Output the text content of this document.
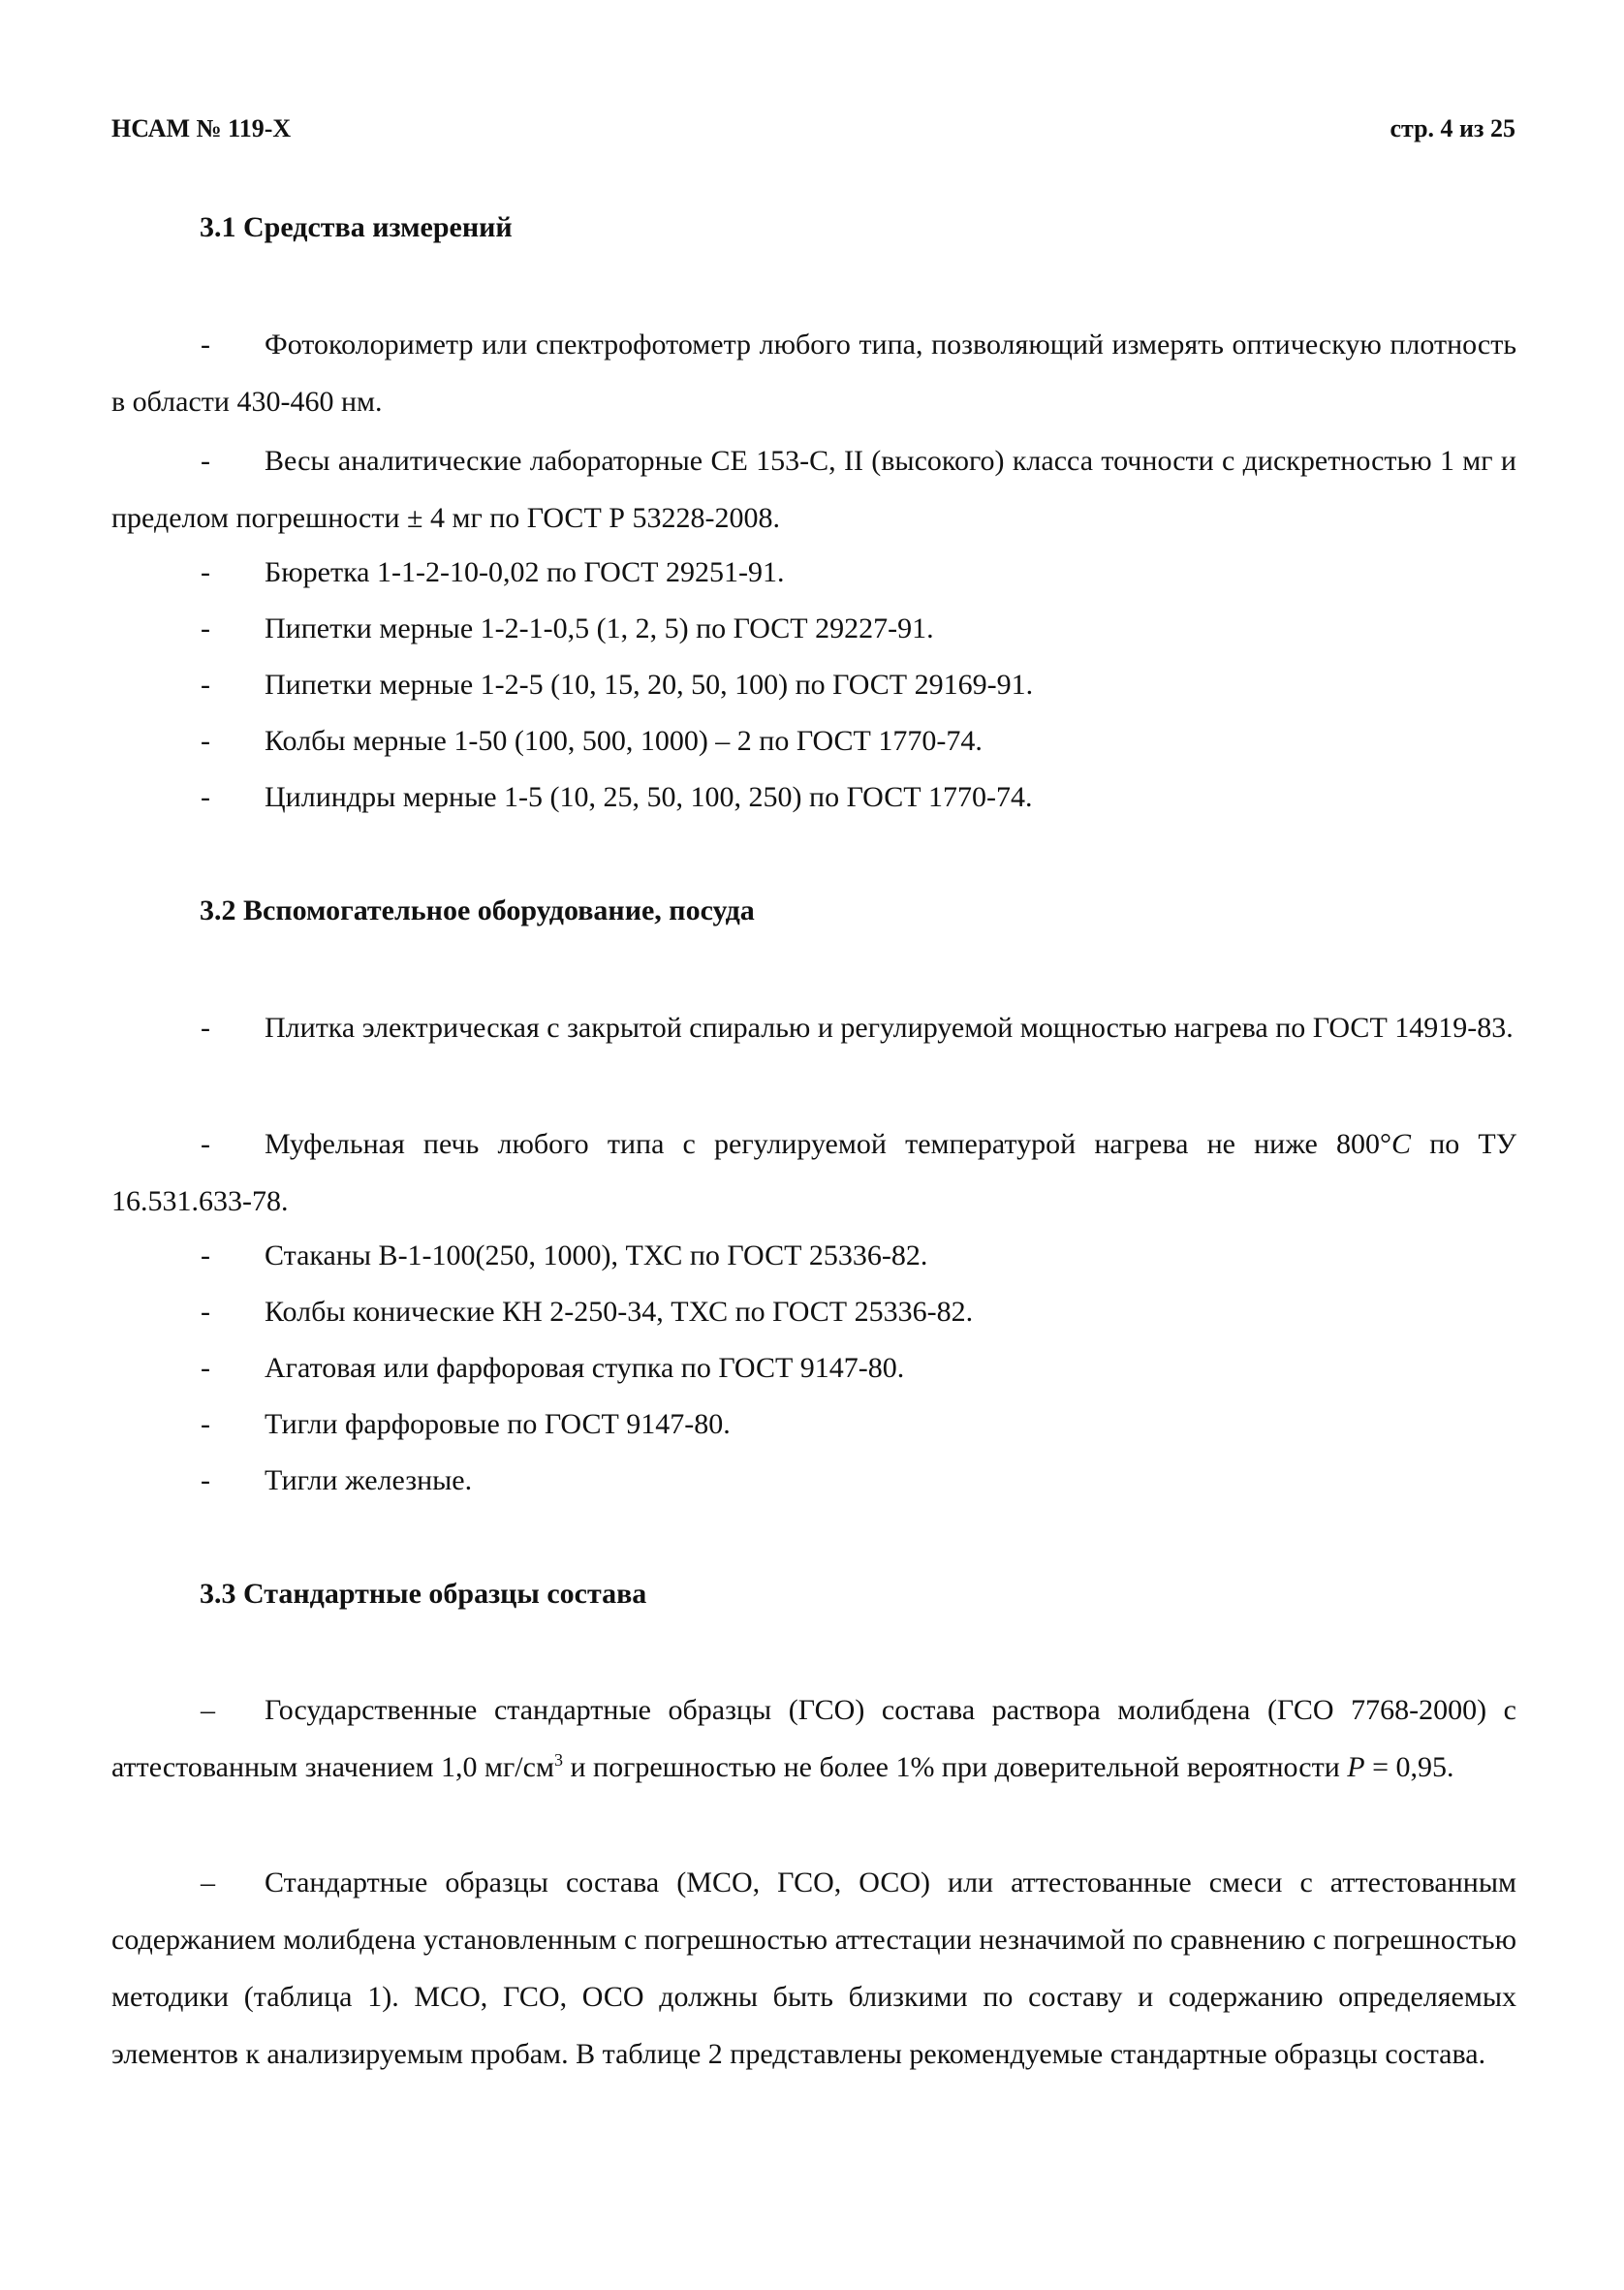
НСАМ № 119-Х	стр. 4 из 25
3.1 Средства измерений
- Фотоколориметр или спектрофотометр любого типа, позволяющий измерять оптическую плотность в области 430-460 нм.
- Весы аналитические лабораторные СЕ 153-С, II (высокого) класса точности с дискретностью 1 мг и пределом погрешности ± 4 мг по ГОСТ Р 53228-2008.
- Бюретка 1-1-2-10-0,02 по ГОСТ 29251-91.
- Пипетки мерные 1-2-1-0,5 (1, 2, 5) по ГОСТ 29227-91.
- Пипетки мерные 1-2-5 (10, 15, 20, 50, 100) по ГОСТ 29169-91.
- Колбы мерные 1-50 (100, 500, 1000) – 2 по ГОСТ 1770-74.
- Цилиндры мерные 1-5 (10, 25, 50, 100, 250) по ГОСТ 1770-74.
3.2 Вспомогательное оборудование, посуда
- Плитка электрическая с закрытой спиралью и регулируемой мощностью нагрева по ГОСТ 14919-83.
- Муфельная печь любого типа с регулируемой температурой нагрева не ниже 800°C по ТУ 16.531.633-78.
- Стаканы В-1-100(250, 1000), ТХС по ГОСТ 25336-82.
- Колбы конические КН 2-250-34, ТХС по ГОСТ 25336-82.
- Агатовая или фарфоровая ступка по ГОСТ 9147-80.
- Тигли фарфоровые по ГОСТ 9147-80.
- Тигли железные.
3.3 Стандартные образцы состава
– Государственные стандартные образцы (ГСО) состава раствора молибдена (ГСО 7768-2000) с аттестованным значением 1,0 $мг/см^3$ и погрешностью не более 1% при доверительной вероятности P = 0,95.
– Стандартные образцы состава (МСО, ГСО, ОСО) или аттестованные смеси с аттестованным содержанием молибдена установленным с погрешностью аттестации незначимой по сравнению с погрешностью методики (таблица 1). МСО, ГСО, ОСО должны быть близкими по составу и содержанию определяемых элементов к анализируемым пробам. В таблице 2 представлены рекомендуемые стандартные образцы состава.
